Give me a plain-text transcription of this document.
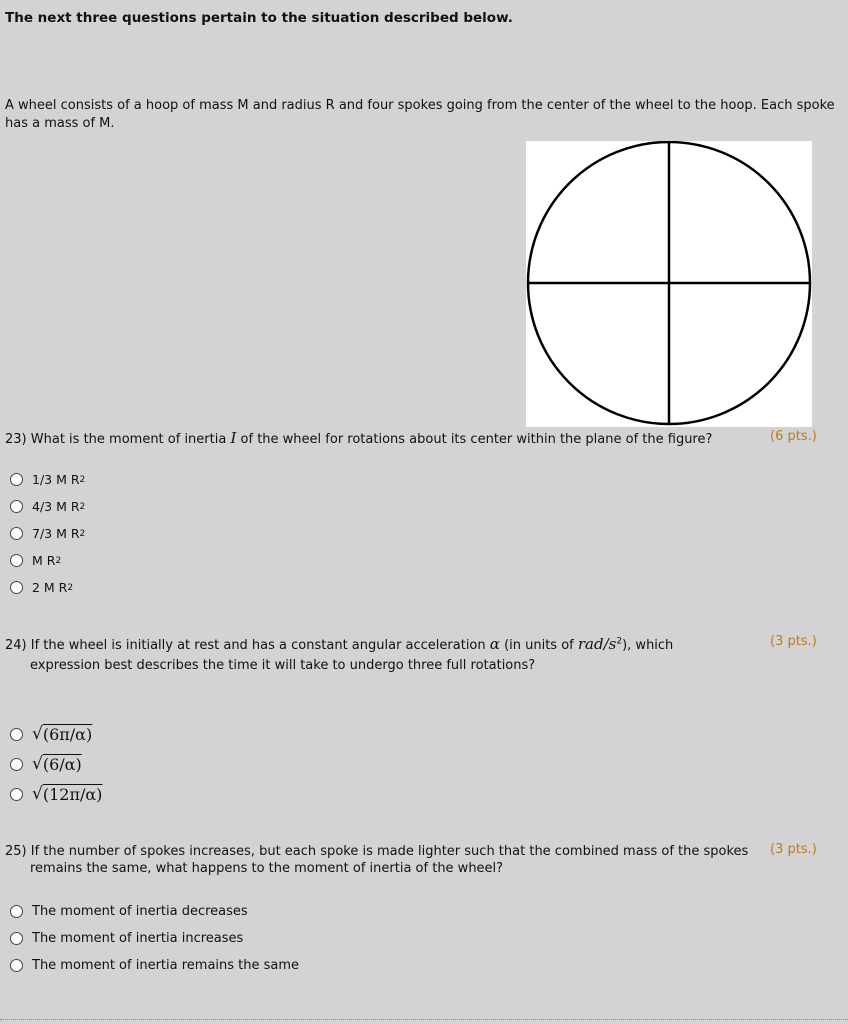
The next three questions pertain to the situation described below.
A wheel consists of a hoop of mass M and radius R and four spokes going from the center of the wheel to the hoop. Each spoke has a mass of M.
23) What is the moment of inertia I of the wheel for rotations about its center within the plane of the figure?	(6 pts.)
1/3 M R 2
4/3 M R 2
7/3 M R 2
M R 2
2 M R 2
24) If the wheel is initially at rest and has a constant angular acceleration α (in units of rad/$s^2$), which
expression best describes the time it will take to undergo three full rotations?
(3 pts.)
√ (6π/α)
√ (6/α)
√ (12π/α)
25) If the number of spokes increases, but each spoke is made lighter such that the combined mass of the spokes
remains the same, what happens to the moment of inertia of the wheel?
(3 pts.)
The moment of inertia decreases
The moment of inertia increases
The moment of inertia remains the same
